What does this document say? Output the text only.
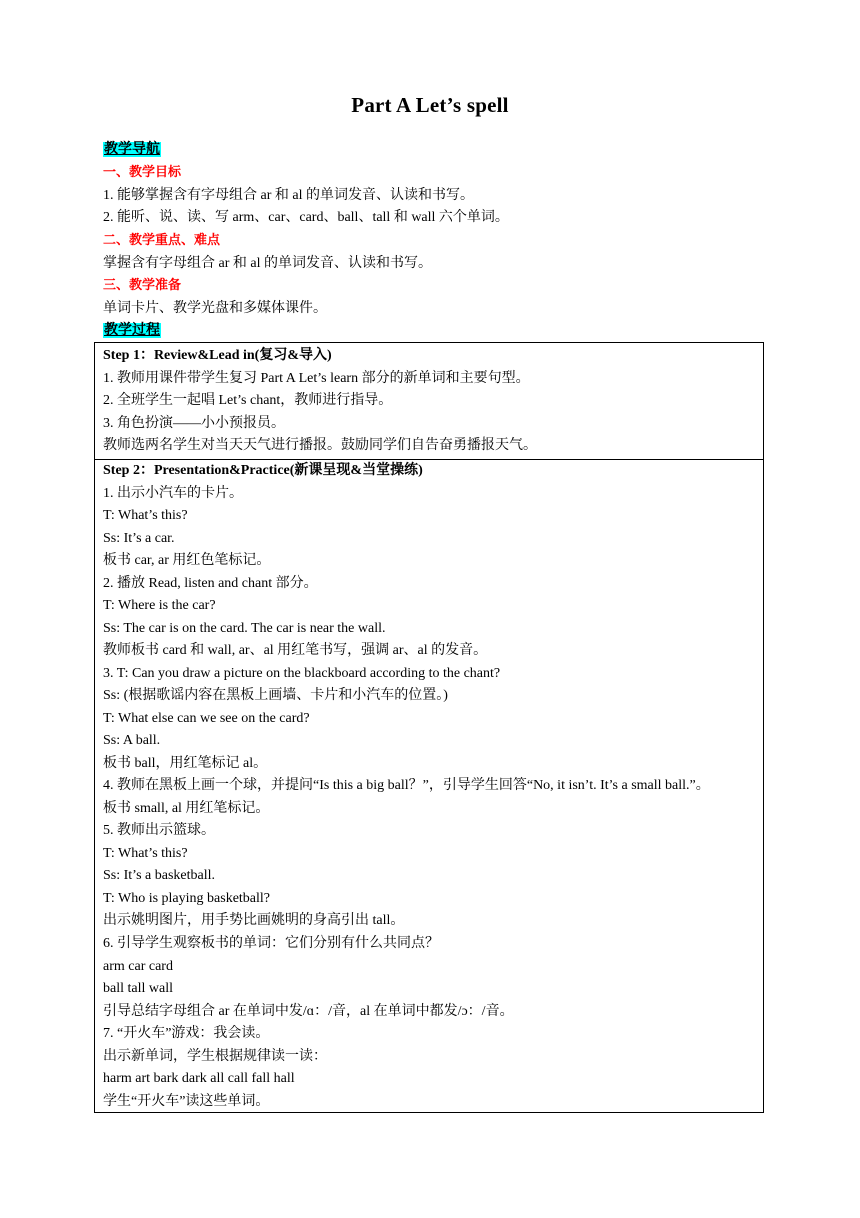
Part A Let’s spell
教学导航
一、教学目标
1. 能够掌握含有字母组合 ar 和 al 的单词发音、认读和书写。
2. 能听、说、读、写 arm、car、card、ball、tall 和 wall 六个单词。
二、教学重点、难点
掌握含有字母组合 ar 和 al 的单词发音、认读和书写。
三、教学准备
单词卡片、教学光盘和多媒体课件。
教学过程
Step 1：Review&Lead in(复习&导入)
1. 教师用课件带学生复习 Part A Let’s learn 部分的新单词和主要句型。
2. 全班学生一起唱 Let’s chant，教师进行指导。
3. 角色扮演——小小预报员。
教师选两名学生对当天天气进行播报。鼓励同学们自告奋勇播报天气。
Step 2：Presentation&Practice(新课呈现&当堂操练)
1. 出示小汽车的卡片。
T: What’s this?
Ss: It’s a car.
板书 car, ar 用红色笔标记。
2. 播放 Read, listen and chant 部分。
T: Where is the car?
Ss: The car is on the card. The car is near the wall.
教师板书 card 和 wall, ar、al 用红笔书写，强调 ar、al 的发音。
3. T: Can you draw a picture on the blackboard according to the chant?
Ss: (根据歌谣内容在黑板上画墙、卡片和小汽车的位置。)
T: What else can we see on the card?
Ss: A ball.
板书 ball，用红笔标记 al。
4. 教师在黑板上画一个球，并提问“Is this a big ball？”，引导学生回答“No, it isn’t. It’s a small ball.”。
板书 small, al 用红笔标记。
5. 教师出示篮球。
T: What’s this?
Ss: It’s a basketball.
T: Who is playing basketball?
出示姚明图片，用手势比画姚明的身高引出 tall。
6. 引导学生观察板书的单词：它们分别有什么共同点？
arm car card
ball tall wall
引导总结字母组合 ar 在单词中发/ɑ：/音，al 在单词中都发/ɔ：/音。
7. “开火车”游戏：我会读。
出示新单词，学生根据规律读一读：
harm art bark dark all call fall hall
学生“开火车”读这些单词。
